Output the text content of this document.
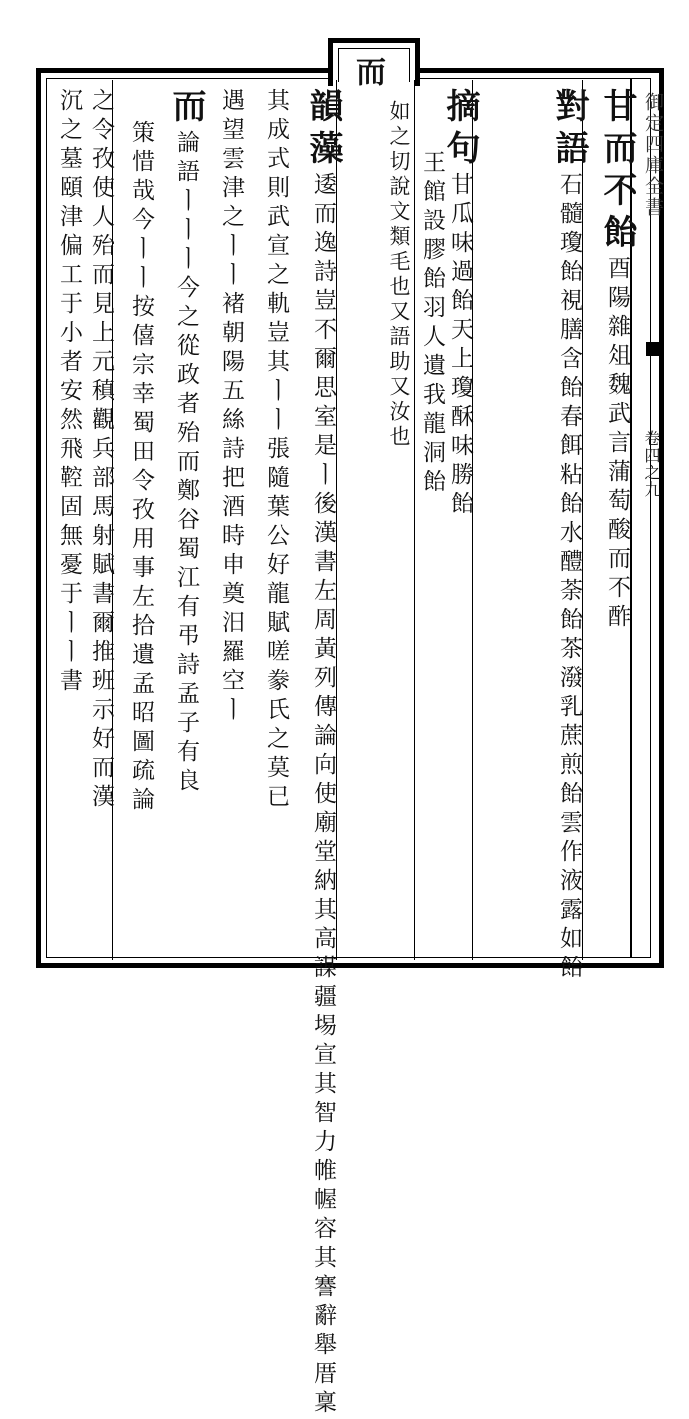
而
御定四庫全書
卷四之九
甘而不飴酉陽雜俎魏武言蒲萄酸而不酢
對語石髓瓊飴視膳含飴春餌粘飴水醴荼飴茶潑乳蔗煎飴雲作液露如飴
摘句甘瓜味過飴天上瓊酥味勝飴
王館設膠飴羽人遺我龍洞飴
如之切說文類毛也又語助又汝也
韻藻逶而逸詩豈不爾思室是ㅣ後漢書左周黃列傳論向使廟堂納其高謀疆埸宣其智力帷幄容其謇辭舉厝稟
其成式則武宣之軌豈其ㅣㅣ張隨葉公好龍賦嗟豢氏之莫已
遇望雲津之ㅣㅣ褚朝陽五絲詩把酒時申奠汨羅空ㅣ
而論語ㅣㅣㅣ今之從政者殆而鄭谷蜀江有弔詩孟子有良
策惜哉今ㅣㅣ按僖宗幸蜀田令孜用事左拾遺孟昭圖疏論
之令孜使人殆而見上元稹觀兵部馬射賦書爾推班示好而漢
沉之墓頤津偏工于小者安然飛鞚固無憂于ㅣㅣ書
